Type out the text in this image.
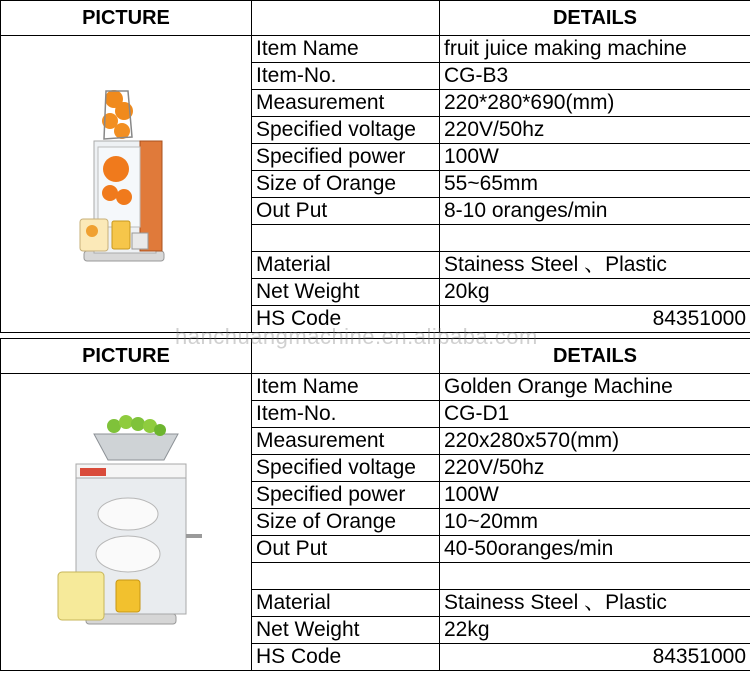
PICTURE		DETAILS
	Item Name	fruit juice making machine
	Item-No.	CG-B3
	Measurement	220*280*690(mm)
	Specified voltage	220V/50hz
	Specified power	100W
	Size of Orange	55~65mm
	Out Put	8-10 oranges/min

	Material	Stainess Steel 、Plastic
	Net Weight	20kg
	HS Code	84351000
PICTURE		DETAILS
	Item Name	Golden Orange Machine
	Item-No.	CG-D1
	Measurement	220x280x570(mm)
	Specified voltage	220V/50hz
	Specified power	100W
	Size of Orange	10~20mm
	Out Put	40-50oranges/min

	Material	Stainess Steel 、Plastic
	Net Weight	22kg
	HS Code	84351000
hanchuangmachine.en.alibaba.com
